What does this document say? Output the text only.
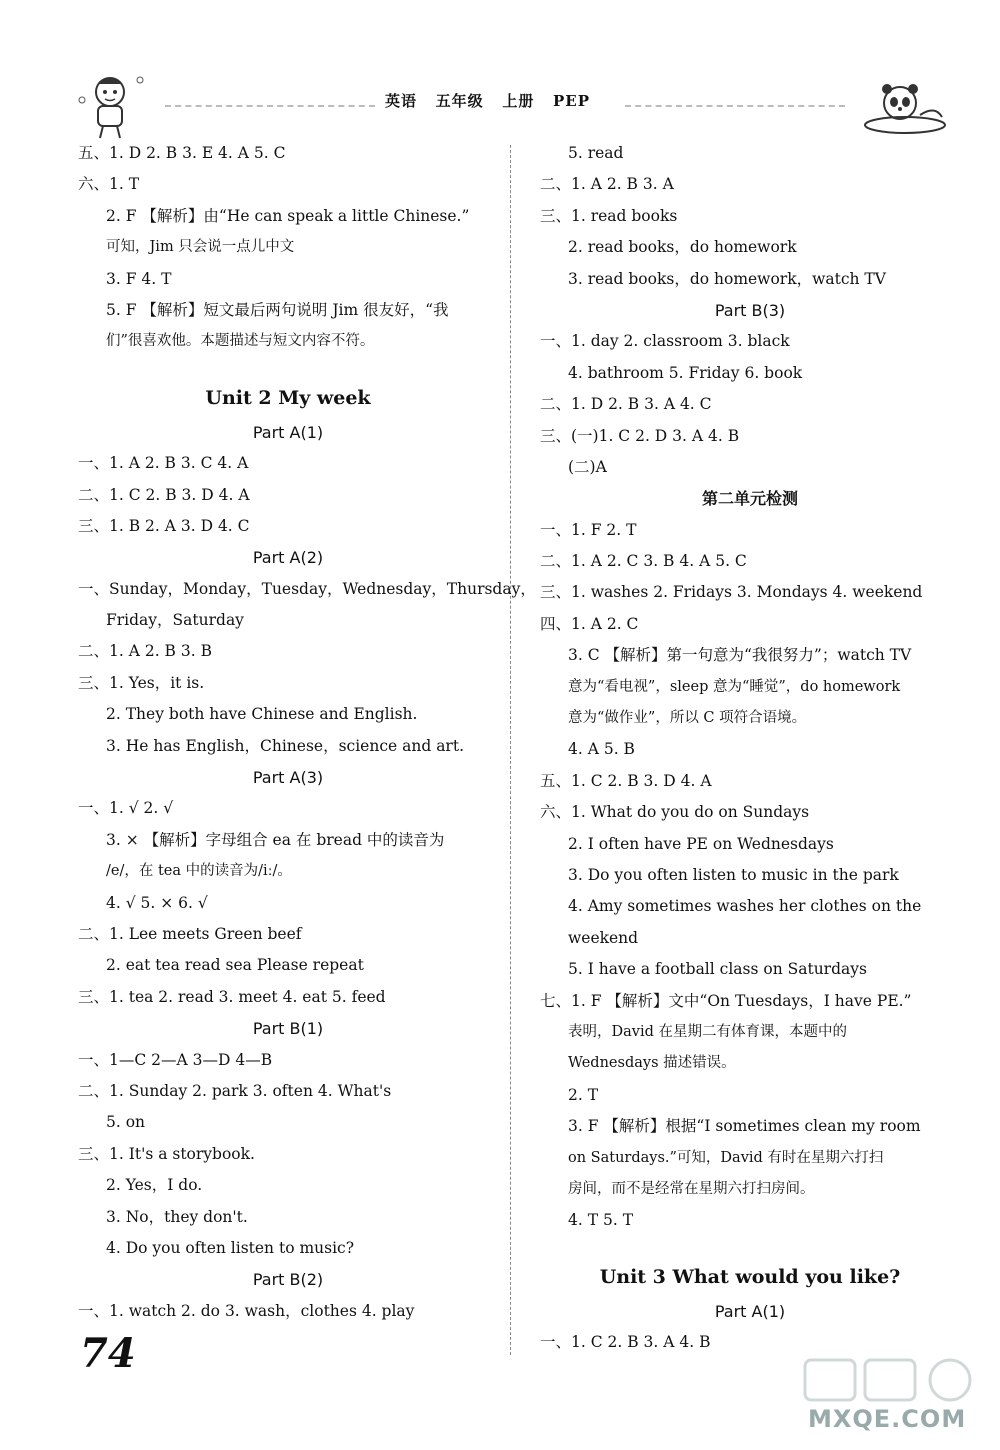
英语   五年级   上册   PEP
五、1. D 2. B 3. E 4. A 5. C
六、1. T
2. F 【解析】由“He can speak a little Chinese.”
可知，Jim 只会说一点儿中文
3. F 4. T
5. F 【解析】短文最后两句说明 Jim 很友好，“我
们”很喜欢他。本题描述与短文内容不符。
Unit 2 My week
Part A(1)
一、1. A 2. B 3. C 4. A
二、1. C 2. B 3. D 4. A
三、1. B 2. A 3. D 4. C
Part A(2)
一、Sunday，Monday，Tuesday，Wednesday，Thursday，
Friday，Saturday
二、1. A 2. B 3. B
三、1. Yes，it is.
2. They both have Chinese and English.
3. He has English，Chinese，science and art.
Part A(3)
一、1. √ 2. √
3. × 【解析】字母组合 ea 在 bread 中的读音为
/e/，在 tea 中的读音为/iː/。
4. √ 5. × 6. √
二、1. Lee meets Green beef
2. eat tea read sea Please repeat
三、1. tea 2. read 3. meet 4. eat 5. feed
Part B(1)
一、1—C 2—A 3—D 4—B
二、1. Sunday 2. park 3. often 4. What's
5. on
三、1. It's a storybook.
2. Yes，I do.
3. No，they don't.
4. Do you often listen to music?
Part B(2)
一、1. watch 2. do 3. wash，clothes 4. play
5. read
二、1. A 2. B 3. A
三、1. read books
2. read books，do homework
3. read books，do homework，watch TV
Part B(3)
一、1. day 2. classroom 3. black
4. bathroom 5. Friday 6. book
二、1. D 2. B 3. A 4. C
三、(一)1. C 2. D 3. A 4. B
(二)A
第二单元检测
一、1. F 2. T
二、1. A 2. C 3. B 4. A 5. C
三、1. washes 2. Fridays 3. Mondays 4. weekend
四、1. A 2. C
3. C 【解析】第一句意为“我很努力”；watch TV
意为“看电视”，sleep 意为“睡觉”，do homework
意为“做作业”，所以 C 项符合语境。
4. A 5. B
五、1. C 2. B 3. D 4. A
六、1. What do you do on Sundays
2. I often have PE on Wednesdays
3. Do you often listen to music in the park
4. Amy sometimes washes her clothes on the
weekend
5. I have a football class on Saturdays
七、1. F 【解析】文中“On Tuesdays，I have PE.”
表明，David 在星期二有体育课，本题中的
Wednesdays 描述错误。
2. T
3. F 【解析】根据“I sometimes clean my room
on Saturdays.”可知，David 有时在星期六打扫
房间，而不是经常在星期六打扫房间。
4. T 5. T
Unit 3 What would you like?
Part A(1)
一、1. C 2. B 3. A 4. B
74
MXQE.COM
